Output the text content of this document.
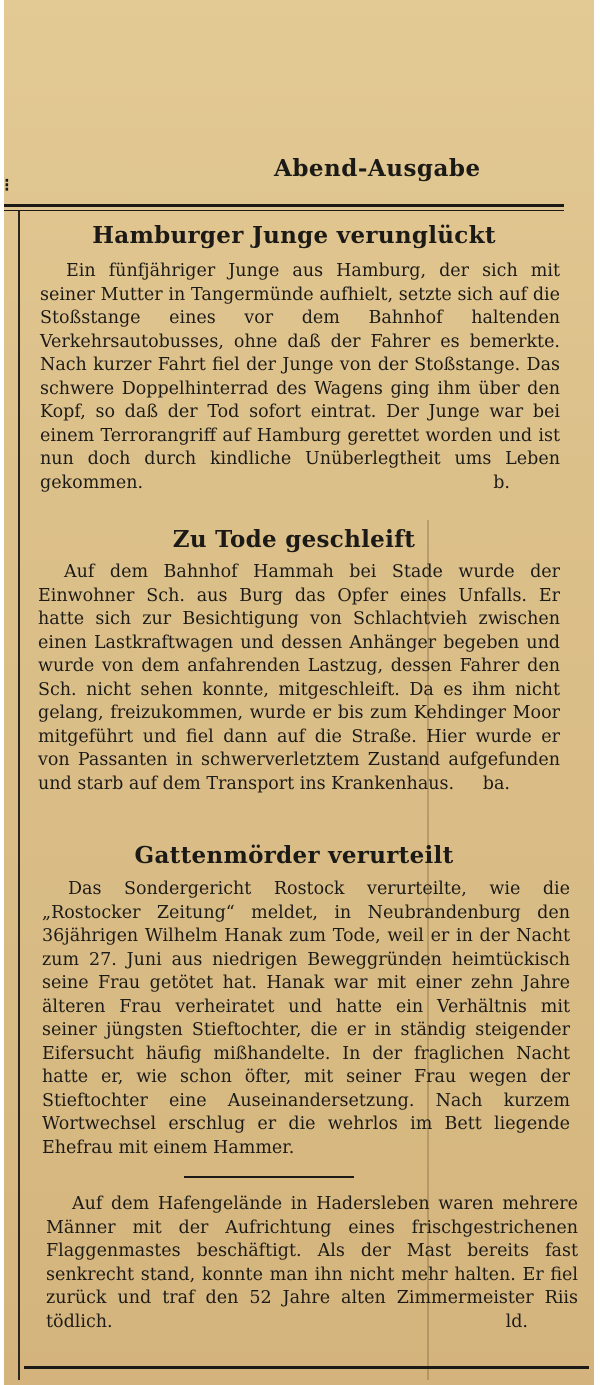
⁝
Abend-Ausgabe
Hamburger Junge verunglückt

Ein fünfjähriger Junge aus Hamburg, der sich mit seiner Mutter in Tangermünde aufhielt, setzte sich auf die Stoßstange eines vor dem Bahnhof haltenden Verkehrsautobusses, ohne daß der Fahrer es bemerkte. Nach kurzer Fahrt fiel der Junge von der Stoßstange. Das schwere Doppelhinterrad des Wagens ging ihm über den Kopf, so daß der Tod sofort eintrat. Der Junge war bei einem Terrorangriff auf Hamburg gerettet worden und ist nun doch durch kindliche Unüberlegtheit ums Leben gekommen.	b.

Zu Tode geschleift

Auf dem Bahnhof Hammah bei Stade wurde der Einwohner Sch. aus Burg das Opfer eines Unfalls. Er hatte sich zur Besichtigung von Schlachtvieh zwischen einen Lastkraftwagen und dessen Anhänger begeben und wurde von dem anfahrenden Lastzug, dessen Fahrer den Sch. nicht sehen konnte, mitgeschleift. Da es ihm nicht gelang, freizukommen, wurde er bis zum Kehdinger Moor mitgeführt und fiel dann auf die Straße. Hier wurde er von Passanten in schwerverletztem Zustand aufgefunden und starb auf dem Transport ins Krankenhaus.	ba.

Gattenmörder verurteilt

Das Sondergericht Rostock verurteilte, wie die „Rostocker Zeitung“ meldet, in Neubrandenburg den 36jährigen Wilhelm Hanak zum Tode, weil er in der Nacht zum 27. Juni aus niedrigen Beweggründen heimtückisch seine Frau getötet hat. Hanak war mit einer zehn Jahre älteren Frau verheiratet und hatte ein Verhältnis mit seiner jüngsten Stieftochter, die er in ständig steigender Eifersucht häufig mißhandelte. In der fraglichen Nacht hatte er, wie schon öfter, mit seiner Frau wegen der Stieftochter eine Auseinandersetzung. Nach kurzem Wortwechsel erschlug er die wehrlos im Bett liegende Ehefrau mit einem Hammer.

Auf dem Hafengelände in Hadersleben waren mehrere Männer mit der Aufrichtung eines frischgestrichenen Flaggenmastes beschäftigt. Als der Mast bereits fast senkrecht stand, konnte man ihn nicht mehr halten. Er fiel zurück und traf den 52 Jahre alten Zimmermeister Riis tödlich.	ld.
